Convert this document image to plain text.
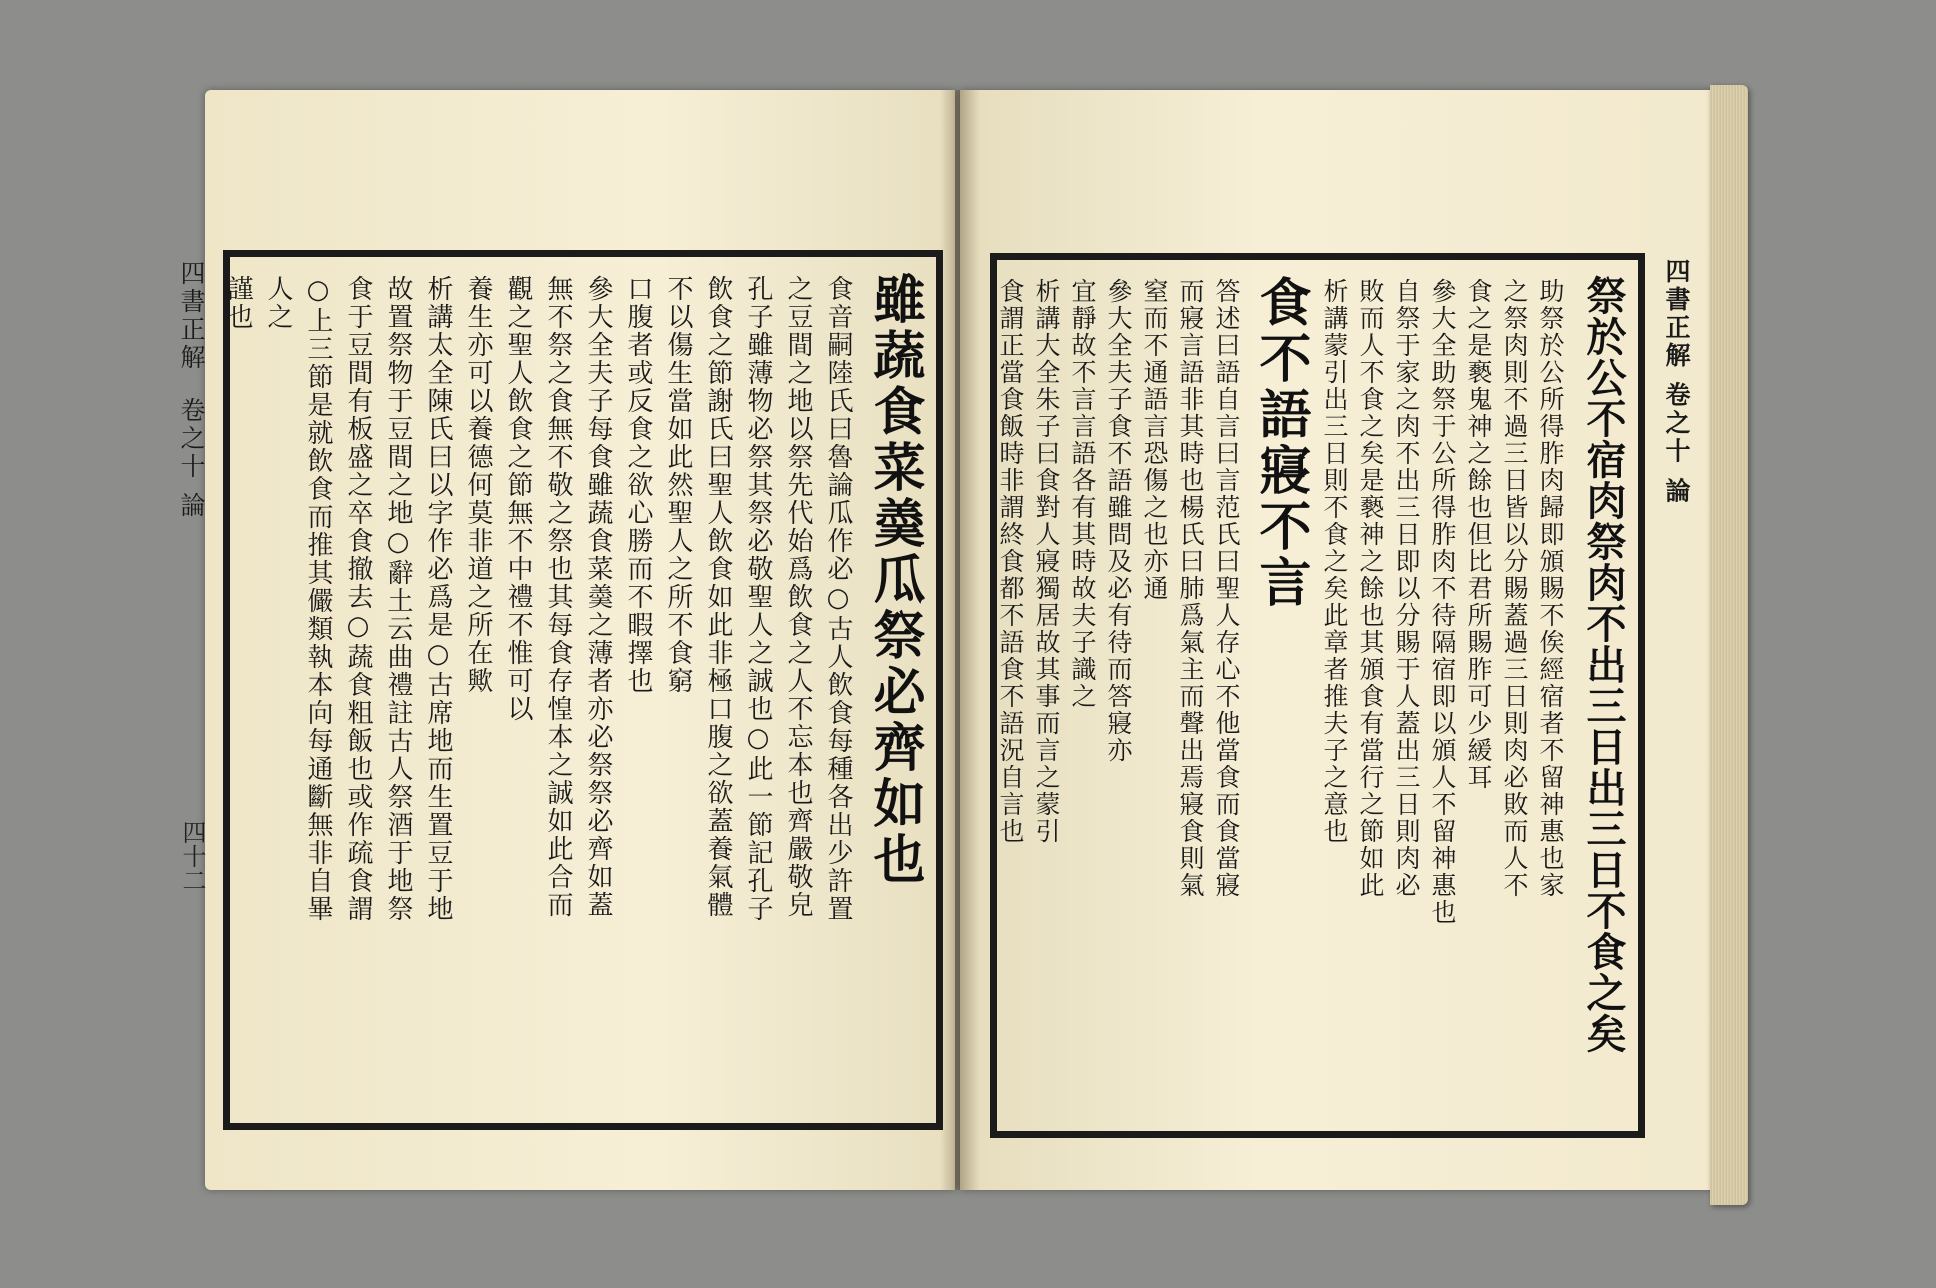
四書正解 卷之十 論
四十二	雖蔬食菜羮瓜祭必齊如也
食音嗣陸氏曰魯論瓜作必○古人飲食每種各出少許置
之豆間之地以祭先代始爲飲食之人不忘本也齊嚴敬皃
孔子雖薄物必祭其祭必敬聖人之誠也○此一節記孔子
飲食之節謝氏曰聖人飲食如此非極口腹之欲蓋養氣體
不以傷生當如此然聖人之所不食窮
口腹者或反食之欲心勝而不暇擇也
參大全夫子每食雖蔬食菜羮之薄者亦必祭祭必齊如蓋
無不祭之食無不敬之祭也其每食存惶本之誠如此合而
觀之聖人飲食之節無不中禮不惟可以
養生亦可以養德何莫非道之所在歟
析講太全陳氏曰以字作必爲是○古席地而生置豆于地
故置祭物于豆間之地○辭土云曲禮註古人祭酒于地祭
食于豆間有板盛之卒食撤去○蔬食粗飯也或作疏食謂
○上三節是就飲食而推其儼類執本向每通斷無非自畢
人之
謹也	四書正解 卷之十 論
祭於公不宿肉祭肉不出三日出三日不食之矣
助祭於公所得胙肉歸即頒賜不俟經宿者不留神惠也家
之祭肉則不過三日皆以分賜蓋過三日則肉必敗而人不
食之是褻鬼神之餘也但比君所賜胙可少緩耳
參大全助祭于公所得胙肉不待隔宿即以頒人不留神惠也
自祭于家之肉不出三日即以分賜于人蓋出三日則肉必
敗而人不食之矣是褻神之餘也其頒食有當行之節如此
析講蒙引出三日則不食之矣此章者推夫子之意也
食不語寢不言
答述曰語自言曰言范氏曰聖人存心不他當食而食當寢
而寢言語非其時也楊氏曰肺爲氣主而聲出焉寢食則氣
窒而不通語言恐傷之也亦通
參大全夫子食不語雖問及必有待而答寢亦
宜靜故不言言語各有其時故夫子識之
析講大全朱子曰食對人寢獨居故其事而言之蒙引
食謂正當食飯時非謂終食都不語食不語況自言也
